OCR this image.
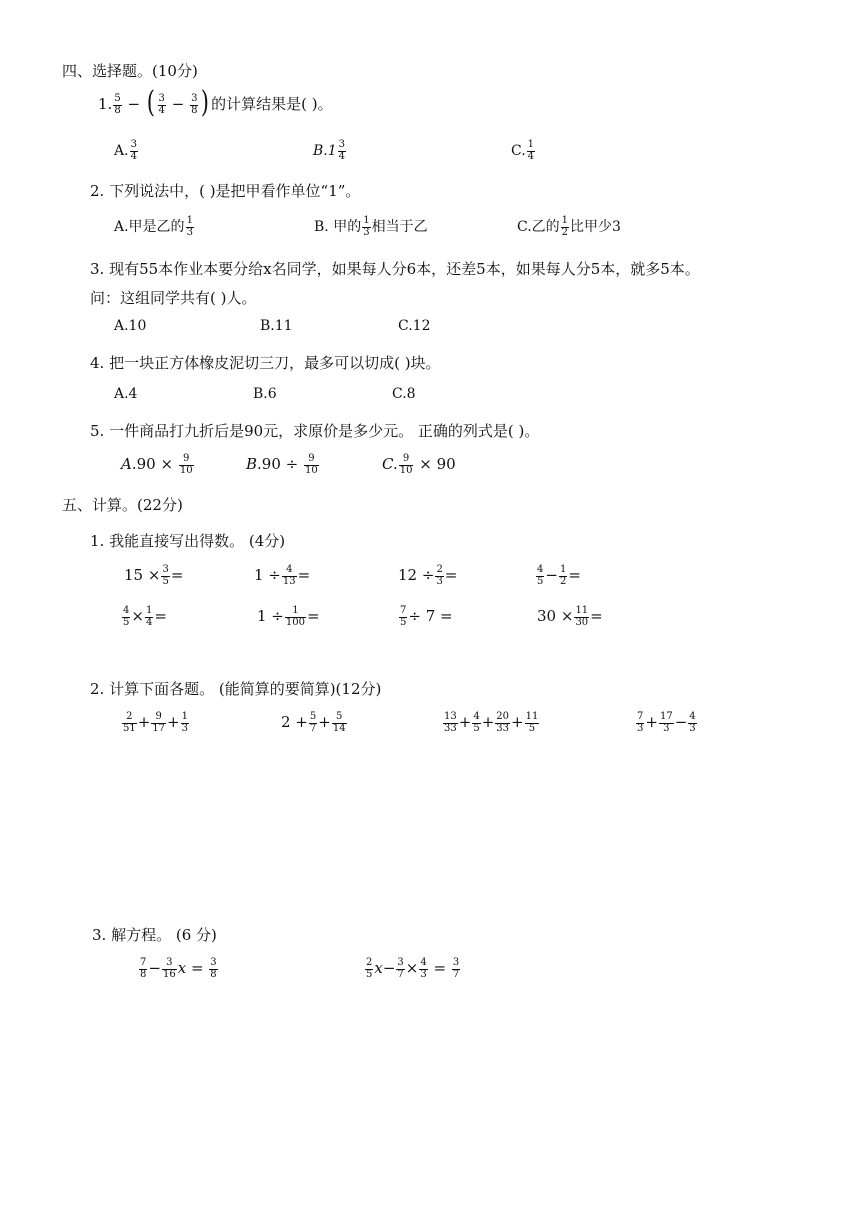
四、选择题。(10分)
1. $\frac{5}{8}$ − ( $\frac{3}{4} - \frac{3}{8}$ ) 的计算结果是( )。
A. $\frac{3}{4}$	$B.1 \frac{3}{4}$	C. $\frac{1}{4}$
2. 下列说法中，( )是把甲看作单位“1”。
A.甲是乙的 $\frac{1}{3}$	B. 甲的 $\frac{1}{3}$ 相当于乙	C.乙的 $\frac{1}{2}$ 比甲少3
3. 现有55本作业本要分给x名同学，如果每人分6本，还差5本，如果每人分5本，就多5本。
问：这组同学共有( )人。
A.10	B.11	C.12
4. 把一块正方体橡皮泥切三刀，最多可以切成( )块。
A.4	B.6	C.8
5. 一件商品打九折后是90元，求原价是多少元。 正确的列式是( )。
$A.90 \times \frac{9}{10}$	$B.90 \div \frac{9}{10}$	C. $\frac{9}{10} \times 90$
五、计算。(22分)
1. 我能直接写出得数。 (4分)
$15 \times \frac{3}{5}$ =	$1 \div \frac{4}{13}$ =	$12 \div \frac{2}{3}$ =	$\frac{4}{5} - \frac{1}{2}$ =
$\frac{4}{5} \times \frac{1}{4}$ =	$1 \div \frac{1}{100}$ =	$\frac{7}{5} \div 7$ =	$30 \times \frac{11}{30}$ =
2. 计算下面各题。 (能简算的要简算)(12分)
$\frac{2}{51} + \frac{9}{17} + \frac{1}{3}$	$2 + \frac{5}{7} + \frac{5}{14}$	$\frac{13}{33} + \frac{4}{5} + \frac{20}{33} + \frac{11}{5}$	$\frac{7}{3} + \frac{17}{3} - \frac{4}{3}$
3. 解方程。 (6 分)
$\frac{7}{8} - \frac{3}{16}$ $x = \frac{3}{8}$	$\frac{2}{5} x- \frac{3}{7} \times \frac{4}{3} = \frac{3}{7}$
